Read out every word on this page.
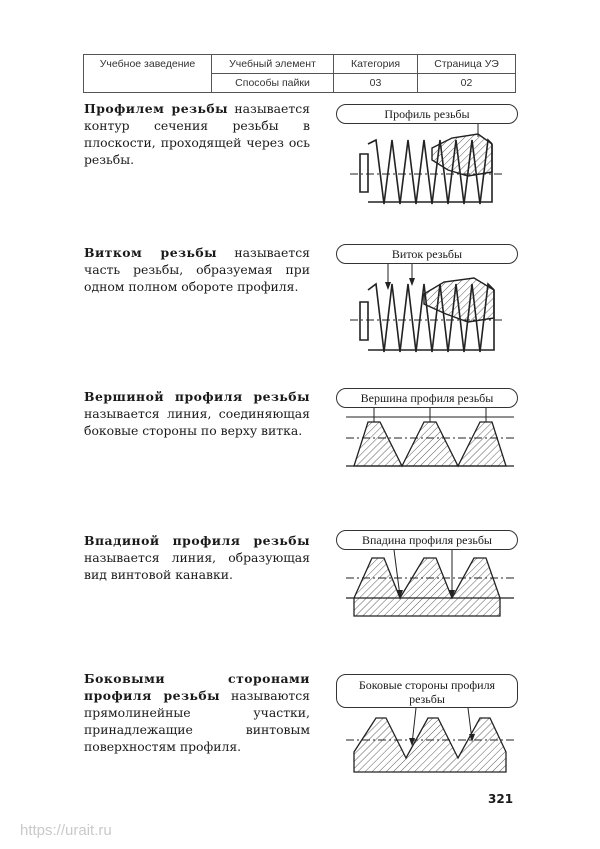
Учебное заведение	Учебный элемент	Категория	Страница УЭ
	Способы пайки	03	02
Профилем резьбы называется контур сечения резьбы в плоскости, проходящей через ось резьбы.
Профиль резьбы
Витком резьбы называется часть резьбы, образуемая при одном полном обороте профиля.
Виток резьбы
Вершиной профиля резьбы называется линия, соединяющая боковые стороны по верху витка.
Вершина профиля резьбы
Впадиной профиля резьбы называется линия, образующая вид винтовой канавки.
Впадина профиля резьбы
Боковыми сторонами профиля резьбы называются прямолинейные участки, принадлежащие винтовым поверхностям профиля.
Боковые стороны профиля резьбы
321
https://urait.ru
